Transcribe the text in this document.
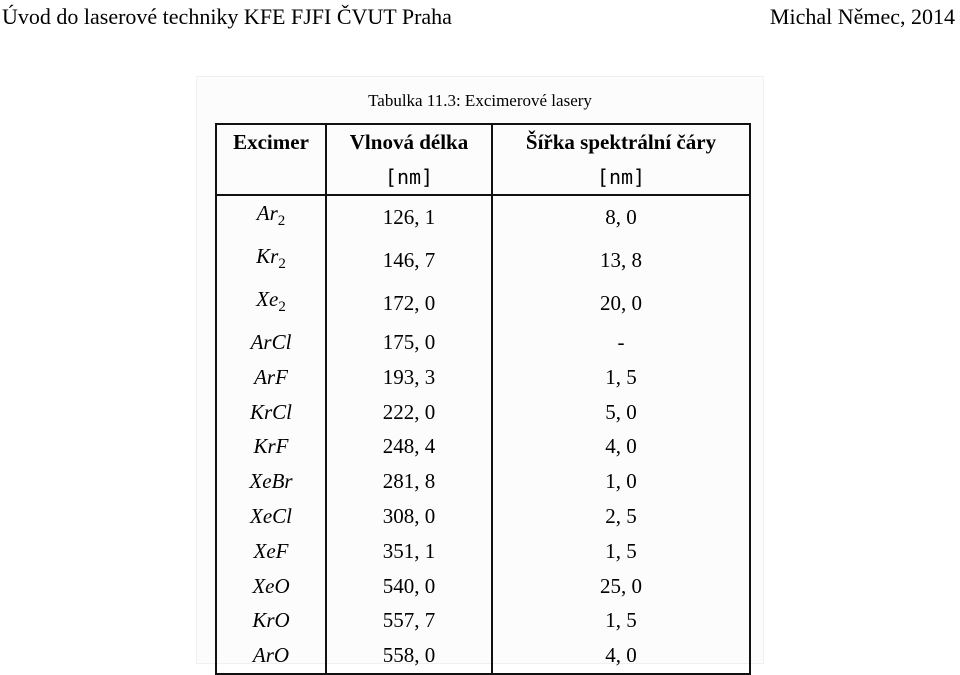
Úvod do laserové techniky KFE FJFI ČVUT Praha	Michal Němec, 2014
Tabulka 11.3: Excimerové lasery
Excimer	Vlnová délka	Šířka spektrální čáry
	[nm]	[nm]
$Ar_2$	126, 1	8, 0
$Kr_2$	146, 7	13, 8
$Xe_2$	172, 0	20, 0
ArCl	175, 0	-
ArF	193, 3	1, 5
KrCl	222, 0	5, 0
KrF	248, 4	4, 0
XeBr	281, 8	1, 0
XeCl	308, 0	2, 5
XeF	351, 1	1, 5
XeO	540, 0	25, 0
KrO	557, 7	1, 5
ArO	558, 0	4, 0
